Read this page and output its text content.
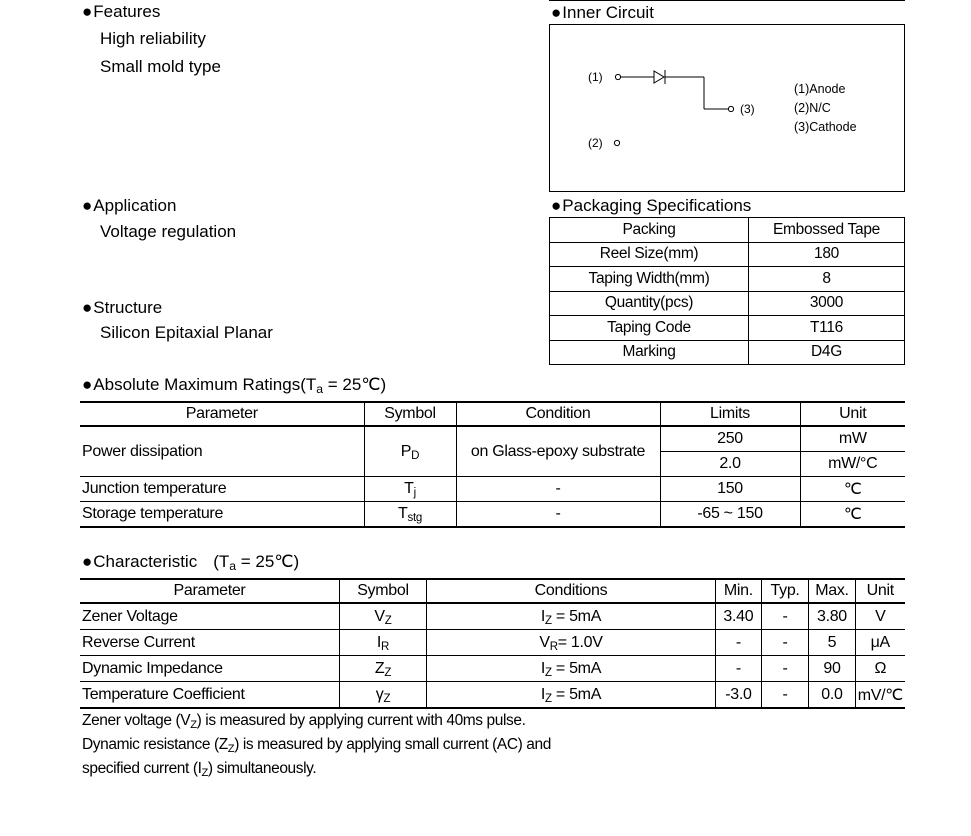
●Features
High reliability
Small mold type
●Application
Voltage regulation
●Structure
Silicon Epitaxial Planar
●Inner Circuit
(1)
(3)
(2)
(1)Anode
(2)N/C
(3)Cathode
●Packaging Specifications
Packing	Embossed Tape
Reel Size(mm)	180
Taping Width(mm)	8
Quantity(pcs)	3000
Taping Code	T116
Marking	D4G
●Absolute Maximum $Ratings(T_a$ = 25℃)
Parameter	Symbol	Condition	Limits	Unit
Power dissipation	$P_D$	on Glass-epoxy substrate	250	mW
			2.0	mW/°C
Junction temperature	$T_j$	-	150	℃
Storage temperature	$T_{stg}$	-	-65 ~ 150	℃
●Characteristic ($T_a$ = 25℃)
Parameter	Symbol	Conditions	Min.	Typ.	Max.	Unit
Zener Voltage	$V_Z$	$I_Z = 5mA$	3.40	-	3.80	V
Reverse Current	$I_R$	$V_R= 1.0V$	-	-	5	μA
Dynamic Impedance	$Z_Z$	$I_Z = 5mA$	-	-	90	Ω
Temperature Coefficient	$\gamma_Z$	$I_Z = 5mA$	-3.0	-	0.0	mV/℃
Zener voltage $(V_Z)$ is measured by applying current with 40ms pulse.
Dynamic resistance $(Z_Z)$ is measured by applying small current (AC) and
specified current $(I_Z)$ simultaneously.
